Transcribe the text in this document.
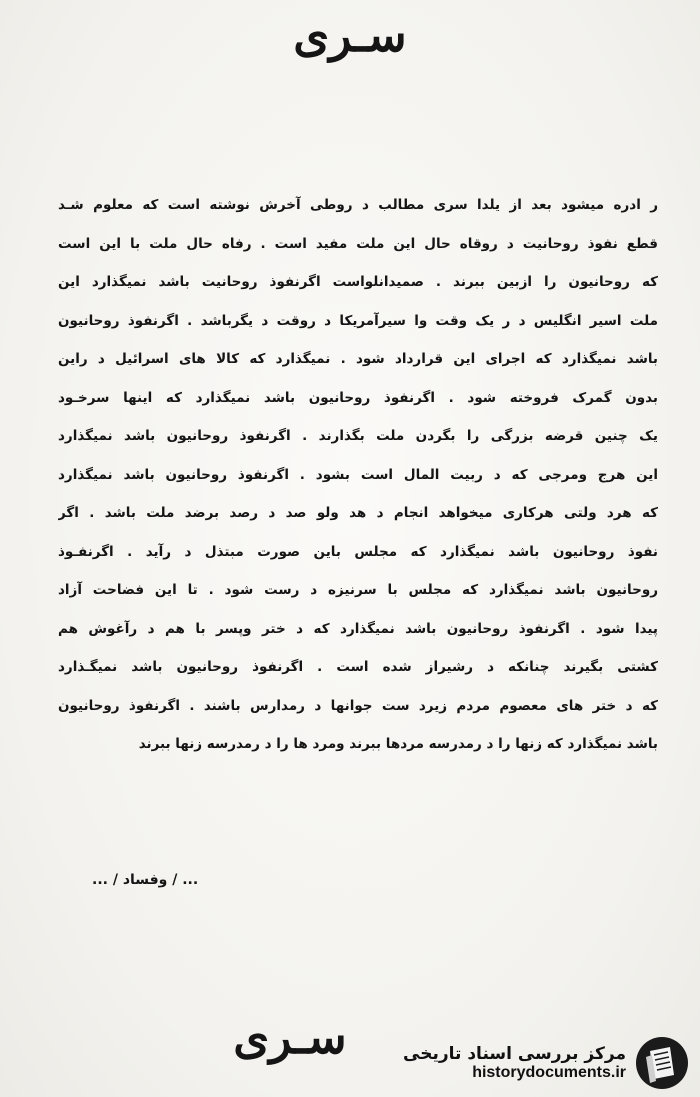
سـری
ر ادره میشود بعد از یلدا سری مطالب د روطی آخرش نوشته است که معلوم شـد
قطع نفوذ روحانیت د روقاه حال این ملت مفید است . رفاه حال ملت با این است
که روحانیون را ازبین ببرند . صمیدانلواست اگرنفوذ روحانیت باشد نمیگذارد این
ملت اسیر انگلیس د ر یک وقت وا سیرآمریکا د روقت د یگرباشد . اگرنفوذ روحانیون
باشد نمیگذارد که اجرای این قرارداد شود . نمیگذارد که کالا های اسرائیل د راین
بدون گمرک فروخته شود . اگرنفوذ روحانیون باشد نمیگذارد که اینها سرخـود
یک چنین قرضه بزرگی را بگردن ملت بگذارند . اگرنفوذ روحانیون باشد نمیگذارد
این هرج ومرجی که د ربیت المال است بشود . اگرنفوذ روحانیون باشد نمیگذارد
که هرد ولتی هرکاری میخواهد انجام د هد ولو صد د رصد برضد ملت باشد . اگر
نفوذ روحانیون باشد نمیگذارد که مجلس باین صورت مبتذل د رآید . اگرنفـوذ
روحانیون باشد نمیگذارد که مجلس با سرنیزه د رست شود . تا این فضاحت آزاد
پیدا شود . اگرنفوذ روحانیون باشد نمیگذارد که د ختر وپسر با هم د رآغوش هم
کشتی بگیرند چنانکه د رشیراز شده است . اگرنفوذ روحانیون باشد نمیگـذارد
که د ختر های معصوم مردم زیرد ست جوانها د رمدارس باشند . اگرنفوذ روحانیون
باشد نمیگذارد که زنها را د رمدرسه مردها ببرند ومرد ها را د رمدرسه زنها ببرند
... / وفساد / ...
سـری	مرکز بررسی اسناد تاریخی
historydocuments.ir
